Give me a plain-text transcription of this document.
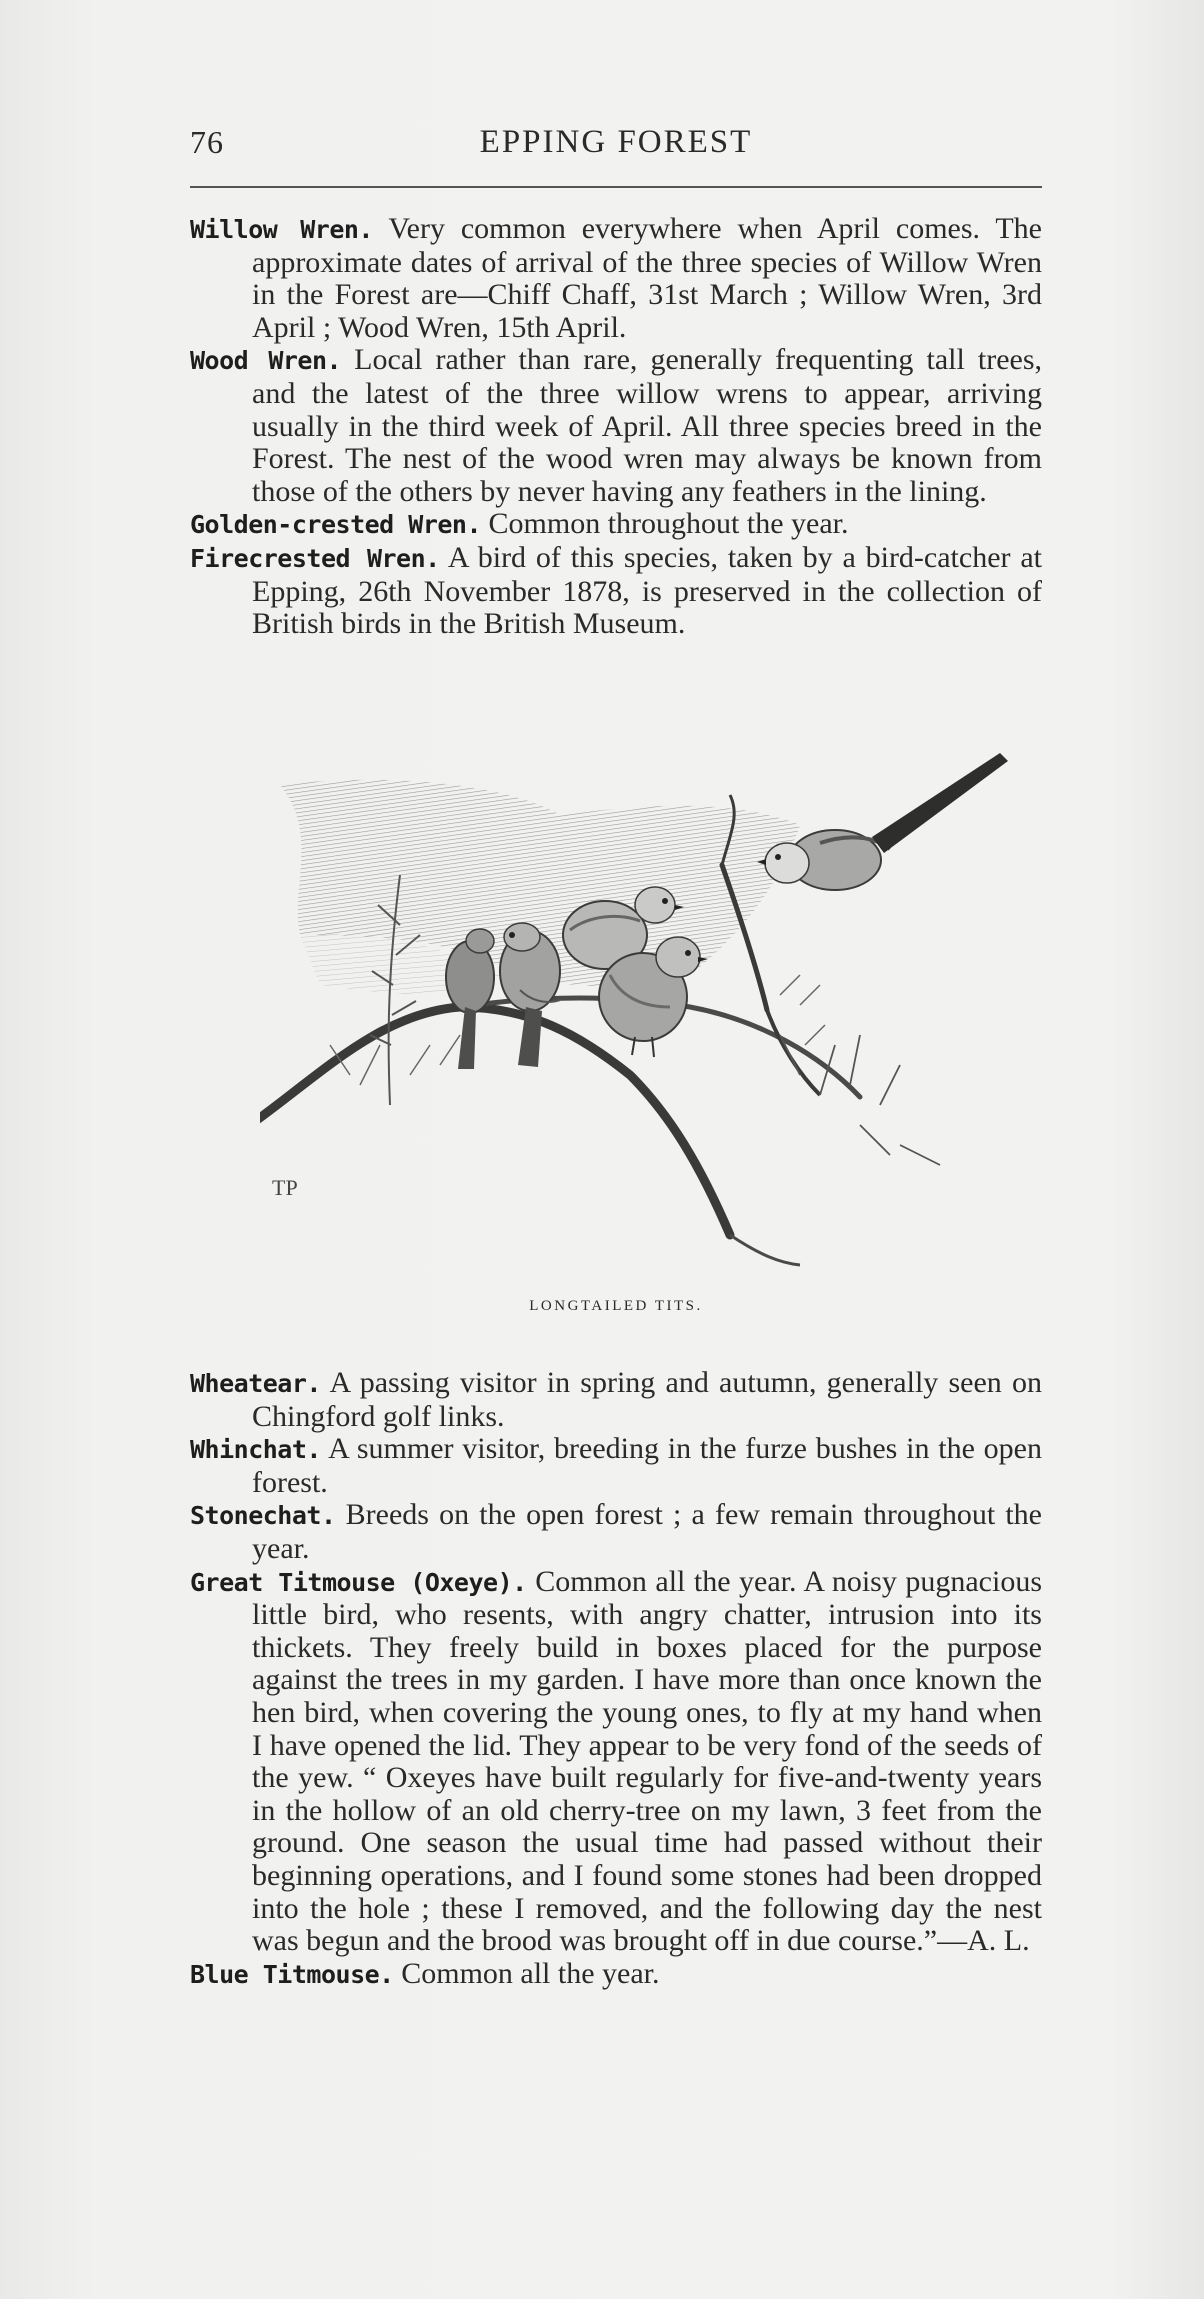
76	EPPING FOREST

Willow Wren. Very common everywhere when April comes. The approximate dates of arrival of the three species of Willow Wren in the Forest are—Chiff Chaff, 31st March ; Willow Wren, 3rd April ; Wood Wren, 15th April.

Wood Wren. Local rather than rare, generally frequenting tall trees, and the latest of the three willow wrens to appear, arriving usually in the third week of April. All three species breed in the Forest. The nest of the wood wren may always be known from those of the others by never having any feathers in the lining.

Golden-crested Wren. Common throughout the year.

Firecrested Wren. A bird of this species, taken by a bird-catcher at Epping, 26th November 1878, is preserved in the collection of British birds in the British Museum.

TP
LONGTAILED TITS.

Wheatear. A passing visitor in spring and autumn, generally seen on Chingford golf links.

Whinchat. A summer visitor, breeding in the furze bushes in the open forest.

Stonechat. Breeds on the open forest ; a few remain throughout the year.

Great Titmouse (Oxeye). Common all the year. A noisy pugnacious little bird, who resents, with angry chatter, intrusion into its thickets. They freely build in boxes placed for the purpose against the trees in my garden. I have more than once known the hen bird, when covering the young ones, to fly at my hand when I have opened the lid. They appear to be very fond of the seeds of the yew. “ Oxeyes have built regularly for five-and-twenty years in the hollow of an old cherry-tree on my lawn, 3 feet from the ground. One season the usual time had passed without their beginning operations, and I found some stones had been dropped into the hole ; these I removed, and the following day the nest was begun and the brood was brought off in due course.”—A. L.

Blue Titmouse. Common all the year.
